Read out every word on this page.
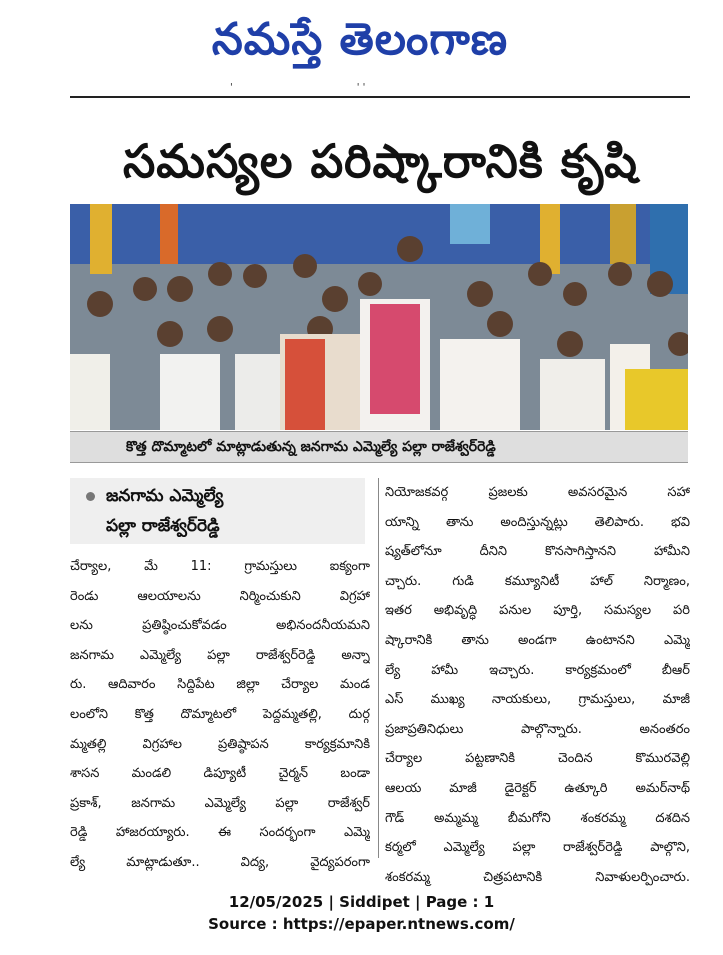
నమస్తే తెలంగాణ
'                                       ' '
సమస్యల పరిష్కారానికి కృషి
కొత్త దొమ్మాటలో మాట్లాడుతున్న జనగామ ఎమ్మెల్యే పల్లా రాజేశ్వర్‌రెడ్డి
జనగామ ఎమ్మెల్యే
పల్లా రాజేశ్వర్‌రెడ్డి
చేర్యాల, మే 11: గ్రామస్తులు ఐక్యంగా
రెండు ఆలయాలను నిర్మించుకుని విగ్రహా
లను ప్రతిష్ఠించుకోవడం అభినందనీయమని
జనగామ ఎమ్మెల్యే పల్లా రాజేశ్వర్‌రెడ్డి అన్నా
రు. ఆదివారం సిద్దిపేట జిల్లా చేర్యాల మండ
లంలోని కొత్త దొమ్మాటలో పెద్దమ్మతల్లి, దుర్గ
మ్మతల్లి విగ్రహాల ప్రతిష్ఠాపన కార్యక్రమానికి
శాసన మండలి డిప్యూటీ చైర్మన్ బండా
ప్రకాశ్, జనగామ ఎమ్మెల్యే పల్లా రాజేశ్వర్
రెడ్డి హాజరయ్యారు. ఈ సందర్భంగా ఎమ్మె
ల్యే మాట్లాడుతూ.. విద్య, వైద్యపరంగా
నియోజకవర్గ ప్రజలకు అవసరమైన సహా
యాన్ని తాను అందిస్తున్నట్లు తెలిపారు. భవి
ష్యత్‌లోనూ దీనిని కొనసాగిస్తానని హామీని
చ్చారు. గుడి కమ్యూనిటీ హాల్ నిర్మాణం,
ఇతర అభివృద్ధి పనుల పూర్తి, సమస్యల పరి
ష్కారానికి తాను అండగా ఉంటానని ఎమ్మె
ల్యే హామీ ఇచ్చారు. కార్యక్రమంలో బీఆర్
ఎస్ ముఖ్య నాయకులు, గ్రామస్తులు, మాజీ
ప్రజాప్రతినిధులు పాల్గొన్నారు. అనంతరం
చేర్యాల పట్టణానికి చెందిన కొమురవెల్లి
ఆలయ మాజీ డైరెక్టర్ ఉత్కూరి అమర్‌నాథ్
గౌడ్ అమ్మమ్మ బీమగోని శంకరమ్మ దశదిన
కర్మలో ఎమ్మెల్యే పల్లా రాజేశ్వర్‌రెడ్డి పాల్గొని,
శంకరమ్మ చిత్రపటానికి నివాళులర్పించారు.
12/05/2025 | Siddipet | Page : 1
Source : https://epaper.ntnews.com/
